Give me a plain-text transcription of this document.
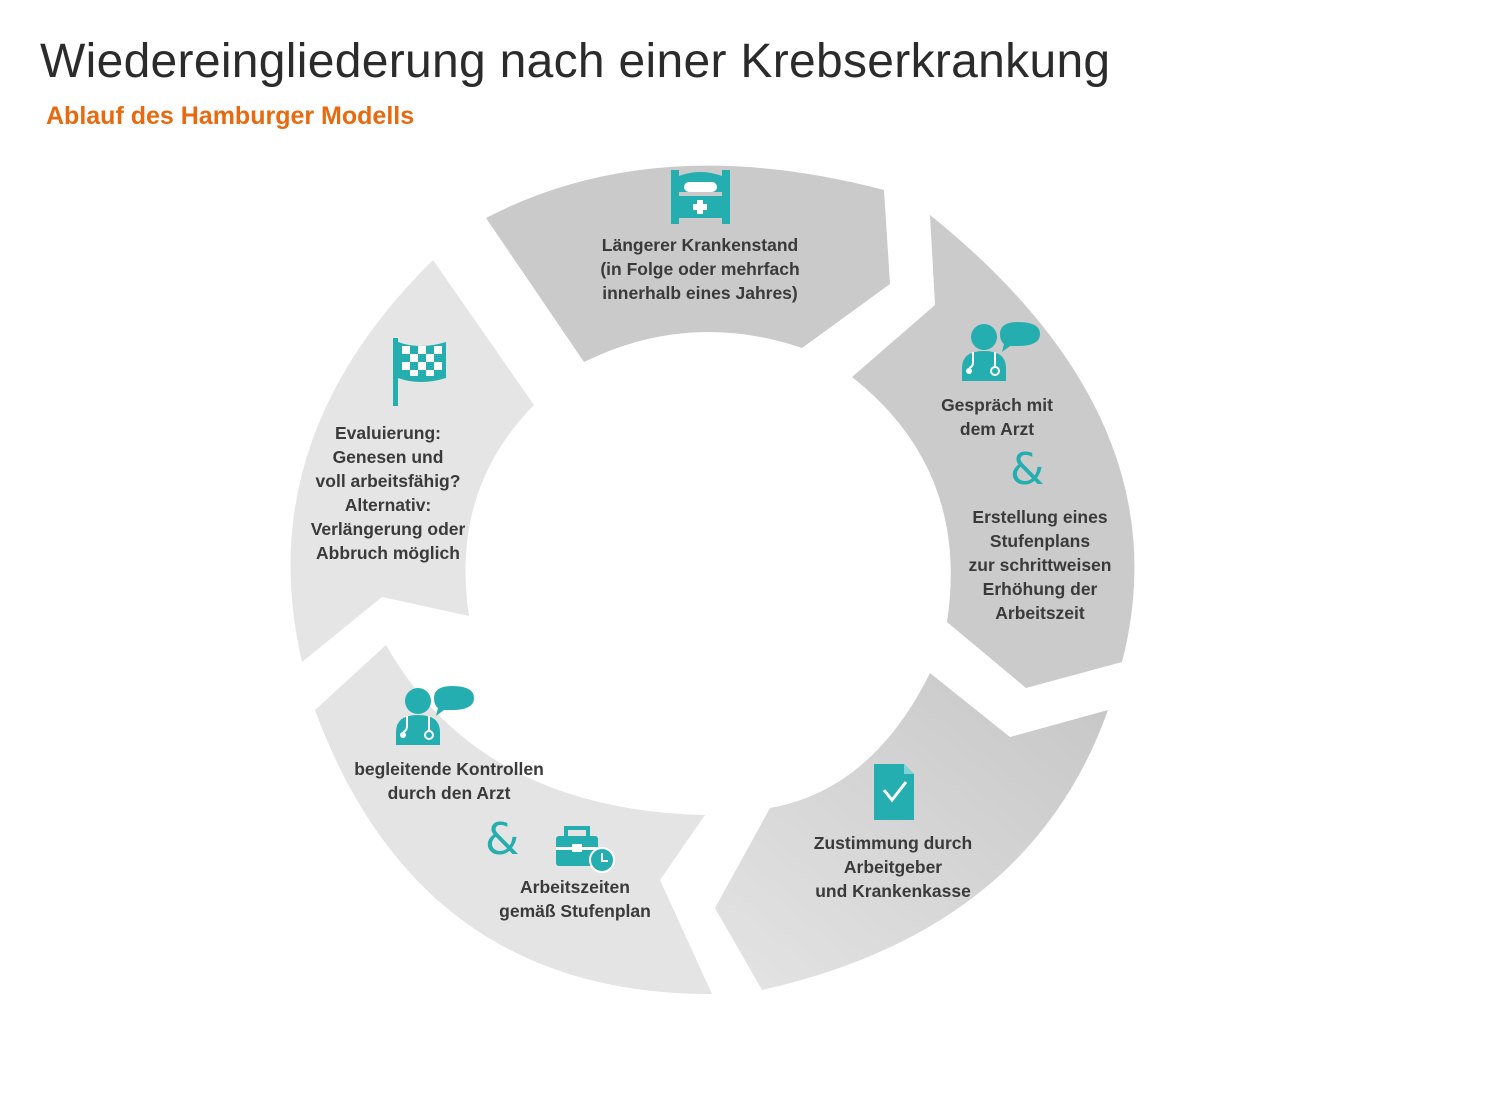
Wiedereingliederung nach einer Krebserkrankung
Ablauf des Hamburger Modells
Längerer Krankenstand
(in Folge oder mehrfach
innerhalb eines Jahres)
Gespräch mit
dem Arzt
&
Erstellung eines
Stufenplans
zur schrittweisen
Erhöhung der
Arbeitszeit
Zustimmung durch
Arbeitgeber
und Krankenkasse
begleitende Kontrollen
durch den Arzt
&
Arbeitszeiten
gemäß Stufenplan
Evaluierung:
Genesen und
voll arbeitsfähig?
Alternativ:
Verlängerung oder
Abbruch möglich
